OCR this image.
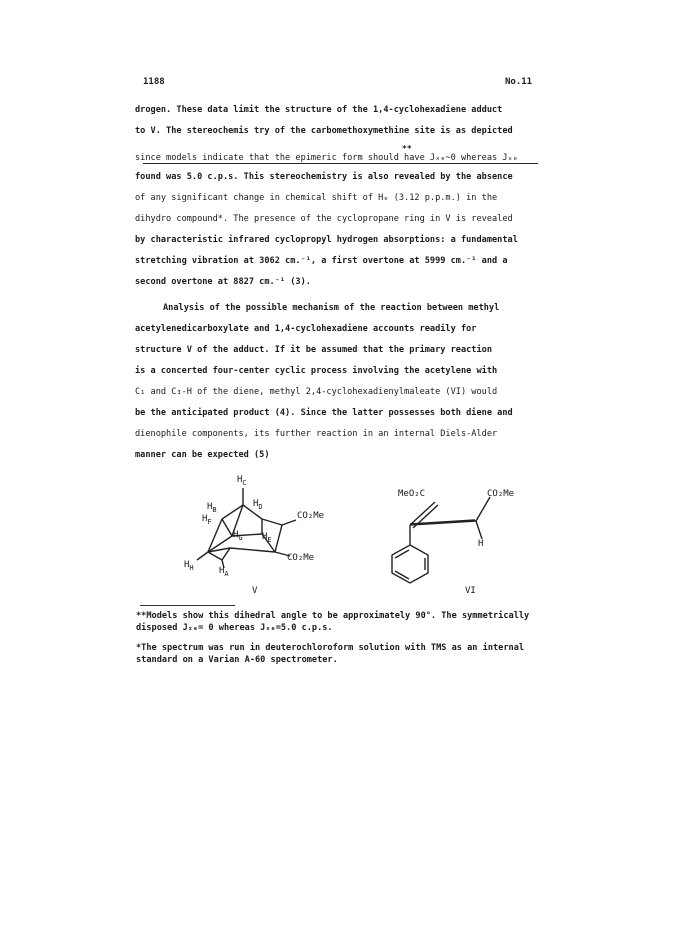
1188	No.11
drogen. These data limit the structure of the 1,4-cyclohexadiene adduct
to V. The stereochemis try of the carbomethoxymethine site is as depicted
**
since models indicate that the epimeric form should have Jₓₑ~0 whereas Jₓₑ
found was 5.0 c.p.s. This stereochemistry is also revealed by the absence
of any significant change in chemical shift of Hₑ (3.12 p.p.m.) in the
dihydro compound*. The presence of the cyclopropane ring in V is revealed
by characteristic infrared cyclopropyl hydrogen absorptions: a fundamental
stretching vibration at 3062 cm.⁻¹, a first overtone at 5999 cm.⁻¹ and a
second overtone at 8827 cm.⁻¹ (3).
Analysis of the possible mechanism of the reaction between methyl
acetylenedicarboxylate and 1,4-cyclohexadiene accounts readily for
structure V of the adduct. If it be assumed that the primary reaction
is a concerted four-center cyclic process involving the acetylene with
C₁ and C₃-H of the diene, methyl 2,4-cyclohexadienylmaleate (VI) would
be the anticipated product (4). Since the latter possesses both diene and
dienophile components, its further reaction in an internal Diels-Alder
manner can be expected (5)
$H_C$
$H_B$
$H_F$
$H_D$
$H_G$ $H_E$
$H_H$	$H_A$
CO₂Me
CO₂Me
V
MeO₂C	CO₂Me
H
VI
**Models show this dihedral angle to be approximately 90°. The symmetrically
disposed Jₓₑ= 0 whereas Jₓₑ=5.0 c.p.s.
*The spectrum was run in deuterochloroform solution with TMS as an internal
standard on a Varian A-60 spectrometer.
